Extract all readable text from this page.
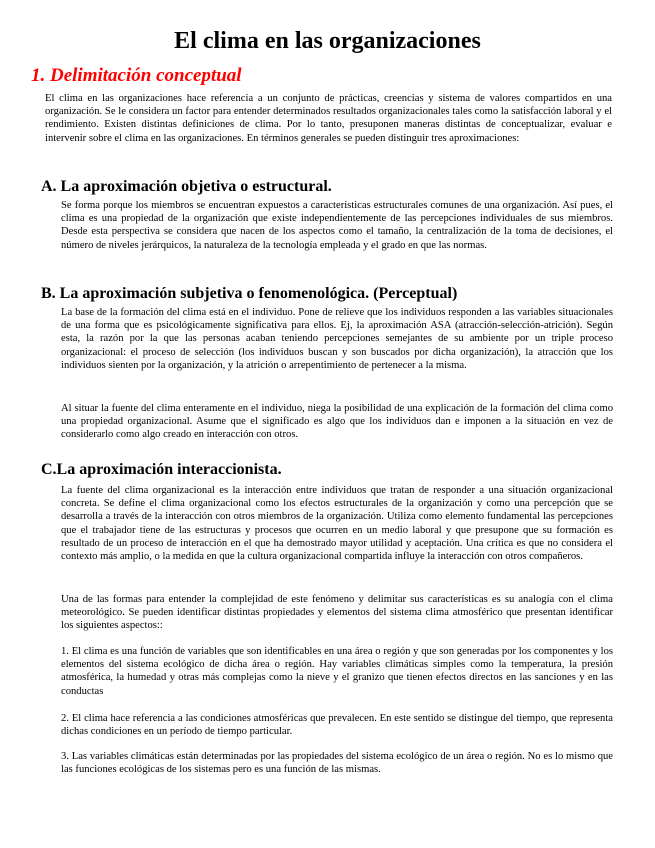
El clima en las organizaciones
1. Delimitación conceptual

El clima en las organizaciones hace referencia a un conjunto de prácticas, creencias y sistema de valores compartidos en una organización. Se le considera un factor para entender determinados resultados organizacionales tales como la satisfacción laboral y el rendimiento. Existen distintas definiciones de clima. Por lo tanto, presuponen maneras distintas de conceptualizar, evaluar e intervenir sobre el clima en las organizaciones. En términos generales se pueden distinguir tres aproximaciones:

A. La aproximación objetiva o estructural.

Se forma porque los miembros se encuentran expuestos a características estructurales comunes de una organización. Así pues, el clima es una propiedad de la organización que existe independientemente de las percepciones individuales de sus miembros. Desde esta perspectiva se considera que nacen de los aspectos como el tamaño, la centralización de la toma de decisiones, el número de niveles jerárquicos, la naturaleza de la tecnología empleada y el grado en que las normas.

B. La aproximación subjetiva o fenomenológica. (Perceptual)

La base de la formación del clima está en el individuo. Pone de relieve que los individuos responden a las variables situacionales de una forma que es psicológicamente significativa para ellos. Ej, la aproximación ASA (atracción-selección-atrición). Según esta, la razón por la que las personas acaban teniendo percepciones semejantes de su ambiente por un triple proceso organizacional: el proceso de selección (los individuos buscan y son buscados por dicha organización), la atracción que los individuos sienten por la organización, y la atrición o arrepentimiento de pertenecer a la misma.

Al situar la fuente del clima enteramente en el individuo, niega la posibilidad de una explicación de la formación del clima como una propiedad organizacional. Asume que el significado es algo que los individuos dan e imponen a la situación en vez de considerarlo como algo creado en interacción con otros.

C.La aproximación interaccionista.

La fuente del clima organizacional es la interacción entre individuos que tratan de responder a una situación organizacional concreta. Se define el clima organizacional como los efectos estructurales de la organización y como una percepción que se desarrolla a través de la interacción con otros miembros de la organización. Utiliza como elemento fundamental las percepciones que el trabajador tiene de las estructuras y procesos que ocurren en un medio laboral y que presupone que su formación es resultado de un proceso de interacción en el que ha demostrado mayor utilidad y aceptación. Una crítica es que no considera el contexto más amplio, o la medida en que la cultura organizacional compartida influye la interacción con otros compañeros.

Una de las formas para entender la complejidad de este fenómeno y delimitar sus características es su analogía con el clima meteorológico. Se pueden identificar distintas propiedades y elementos del sistema clima atmosférico que presentan identificar los siguientes aspectos::

1. El clima es una función de variables que son identificables en una área o región y que son generadas por los componentes y los elementos del sistema ecológico de dicha área o región. Hay variables climáticas simples como la temperatura, la presión atmosférica, la humedad y otras más complejas como la nieve y el granizo que tienen efectos directos en las sanciones y en las conductas

2. El clima hace referencia a las condiciones atmosféricas que prevalecen. En este sentido se distingue del tiempo, que representa dichas condiciones en un período de tiempo particular.

3. Las variables climáticas están determinadas por las propiedades del sistema ecológico de un área o región. No es lo mismo que las funciones ecológicas de los sistemas pero es una función de las mismas.
